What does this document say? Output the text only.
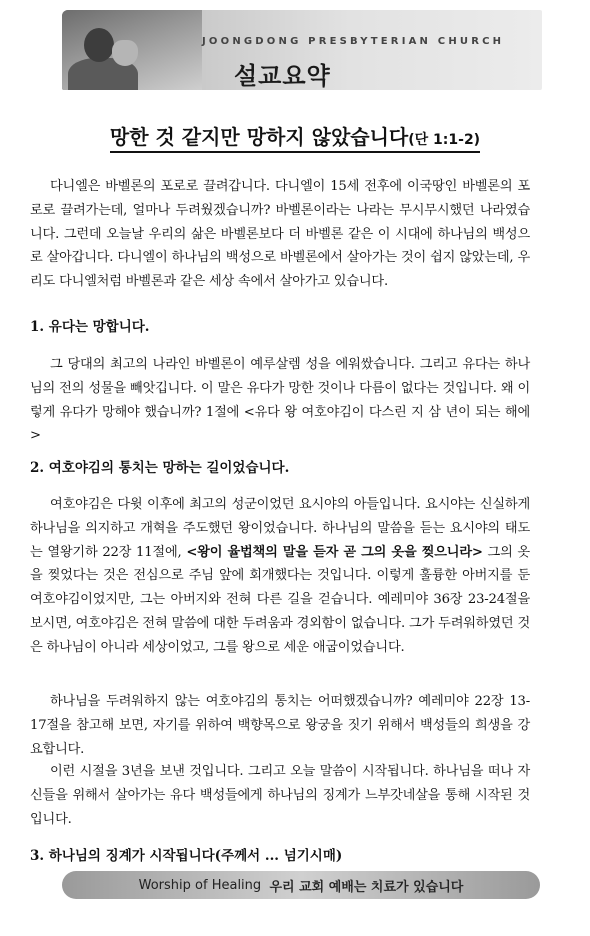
JOONGDONG PRESBYTERIAN CHURCH
설교요약
망한 것 같지만 망하지 않았습니다(단 1:1-2)
다니엘은 바벨론의 포로로 끌려갑니다. 다니엘이 15세 전후에 이국땅인 바벨론의 포로로 끌려가는데, 얼마나 두려웠겠습니까? 바벨론이라는 나라는 무시무시했던 나라였습니다. 그런데 오늘날 우리의 삶은 바벨론보다 더 바벨론 같은 이 시대에 하나님의 백성으로 살아갑니다. 다니엘이 하나님의 백성으로 바벨론에서 살아가는 것이 쉽지 않았는데, 우리도 다니엘처럼 바벨론과 같은 세상 속에서 살아가고 있습니다.
1. 유다는 망합니다.
그 당대의 최고의 나라인 바벨론이 예루살렘 성을 에워쌌습니다. 그리고 유다는 하나님의 전의 성물을 빼앗깁니다. 이 말은 유다가 망한 것이나 다름이 없다는 것입니다. 왜 이렇게 유다가 망해야 했습니까? 1절에 <유다 왕 여호야김이 다스린 지 삼 년이 되는 해에>
2. 여호야김의 통치는 망하는 길이었습니다.
여호야김은 다윗 이후에 최고의 성군이었던 요시야의 아들입니다. 요시야는 신실하게 하나님을 의지하고 개혁을 주도했던 왕이었습니다. 하나님의 말씀을 듣는 요시야의 태도는 열왕기하 22장 11절에, <왕이 율법책의 말을 듣자 곧 그의 옷을 찢으니라> 그의 옷을 찢었다는 것은 전심으로 주님 앞에 회개했다는 것입니다. 이렇게 훌륭한 아버지를 둔 여호야김이었지만, 그는 아버지와 전혀 다른 길을 걷습니다. 예레미야 36장 23-24절을 보시면, 여호야김은 전혀 말씀에 대한 두려움과 경외함이 없습니다. 그가 두려워하였던 것은 하나님이 아니라 세상이었고, 그를 왕으로 세운 애굽이었습니다.
하나님을 두려워하지 않는 여호야김의 통치는 어떠했겠습니까? 예레미야 22장 13-17절을 참고해 보면, 자기를 위하여 백향목으로 왕궁을 짓기 위해서 백성들의 희생을 강요합니다.
이런 시절을 3년을 보낸 것입니다. 그리고 오늘 말씀이 시작됩니다. 하나님을 떠나 자신들을 위해서 살아가는 유다 백성들에게 하나님의 징계가 느부갓네살을 통해 시작된 것입니다.
3. 하나님의 징계가 시작됩니다(주께서 ... 넘기시매)
Worship of Healing
우리 교회 예배는 치료가 있습니다
